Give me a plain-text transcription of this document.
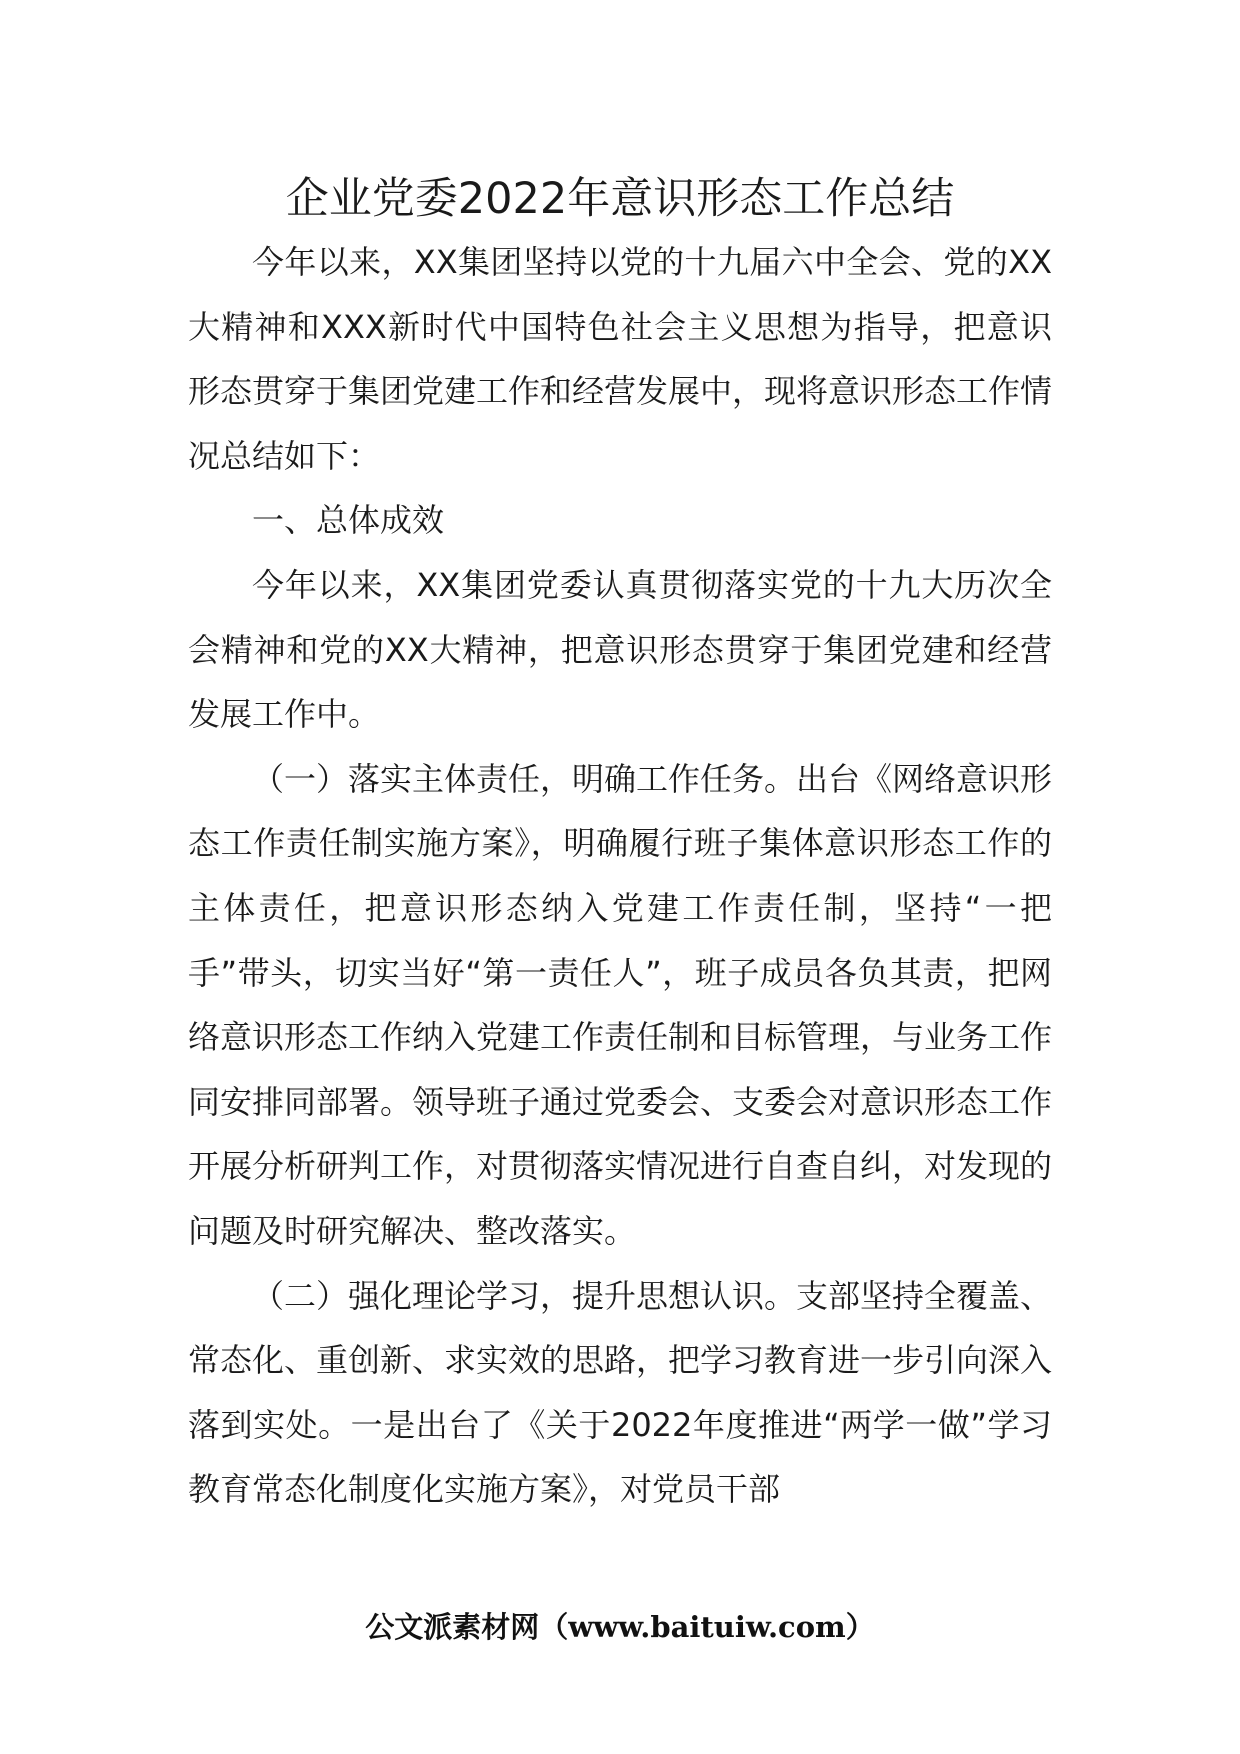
企业党委2022年意识形态工作总结

今年以来，XX集团坚持以党的十九届六中全会、党的XX大精神和XXX新时代中国特色社会主义思想为指导，把意识形态贯穿于集团党建工作和经营发展中，现将意识形态工作情况总结如下：

一、总体成效

今年以来，XX集团党委认真贯彻落实党的十九大历次全会精神和党的XX大精神，把意识形态贯穿于集团党建和经营发展工作中。

（一）落实主体责任，明确工作任务。出台《网络意识形态工作责任制实施方案》，明确履行班子集体意识形态工作的主体责任，把意识形态纳入党建工作责任制，坚持“一把手”带头，切实当好“第一责任人”，班子成员各负其责，把网络意识形态工作纳入党建工作责任制和目标管理，与业务工作同安排同部署。领导班子通过党委会、支委会对意识形态工作开展分析研判工作，对贯彻落实情况进行自查自纠，对发现的问题及时研究解决、整改落实。

（二）强化理论学习，提升思想认识。支部坚持全覆盖、常态化、重创新、求实效的思路，把学习教育进一步引向深入落到实处。一是出台了《关于2022年度推进“两学一做”学习教育常态化制度化实施方案》，对党员干部

公文派素材网（www.baituiw.com）
